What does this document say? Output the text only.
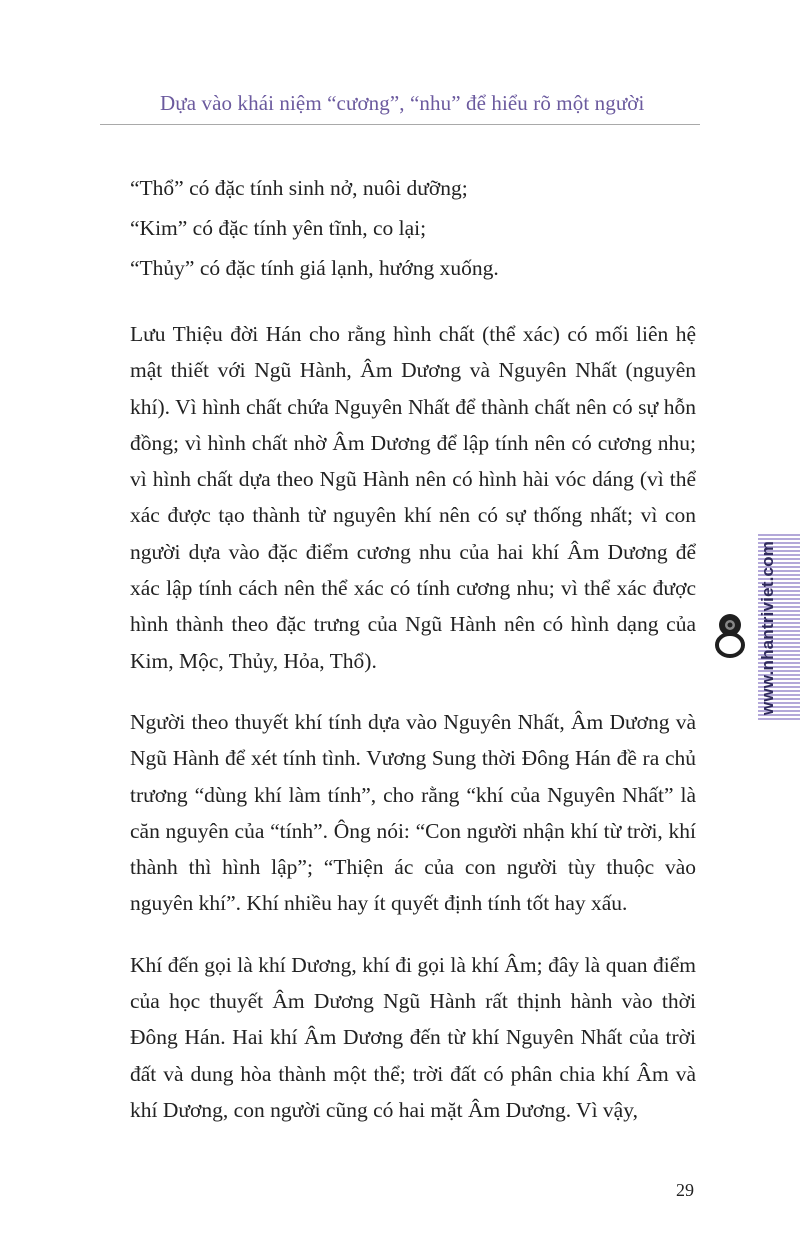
Dựa vào khái niệm “cương”, “nhu” để hiểu rõ một người

“Thổ” có đặc tính sinh nở, nuôi dưỡng;

“Kim” có đặc tính yên tĩnh, co lại;

“Thủy” có đặc tính giá lạnh, hướng xuống.

Lưu Thiệu đời Hán cho rằng hình chất (thể xác) có mối liên hệ mật thiết với Ngũ Hành, Âm Dương và Nguyên Nhất (nguyên khí). Vì hình chất chứa Nguyên Nhất để thành chất nên có sự hỗn đồng; vì hình chất nhờ Âm Dương để lập tính nên có cương nhu; vì hình chất dựa theo Ngũ Hành nên có hình hài vóc dáng (vì thể xác được tạo thành từ nguyên khí nên có sự thống nhất; vì con người dựa vào đặc điểm cương nhu của hai khí Âm Dương để xác lập tính cách nên thể xác có tính cương nhu; vì thể xác được hình thành theo đặc trưng của Ngũ Hành nên có hình dạng của Kim, Mộc, Thủy, Hỏa, Thổ).

Người theo thuyết khí tính dựa vào Nguyên Nhất, Âm Dương và Ngũ Hành để xét tính tình. Vương Sung thời Đông Hán đề ra chủ trương “dùng khí làm tính”, cho rằng “khí của Nguyên Nhất” là căn nguyên của “tính”. Ông nói: “Con người nhận khí từ trời, khí thành thì hình lập”; “Thiện ác của con người tùy thuộc vào nguyên khí”. Khí nhiều hay ít quyết định tính tốt hay xấu.

Khí đến gọi là khí Dương, khí đi gọi là khí Âm; đây là quan điểm của học thuyết Âm Dương Ngũ Hành rất thịnh hành vào thời Đông Hán. Hai khí Âm Dương đến từ khí Nguyên Nhất của trời đất và dung hòa thành một thể; trời đất có phân chia khí Âm và khí Dương, con người cũng có hai mặt Âm Dương. Vì vậy,

www.nhantriviet.com
29
